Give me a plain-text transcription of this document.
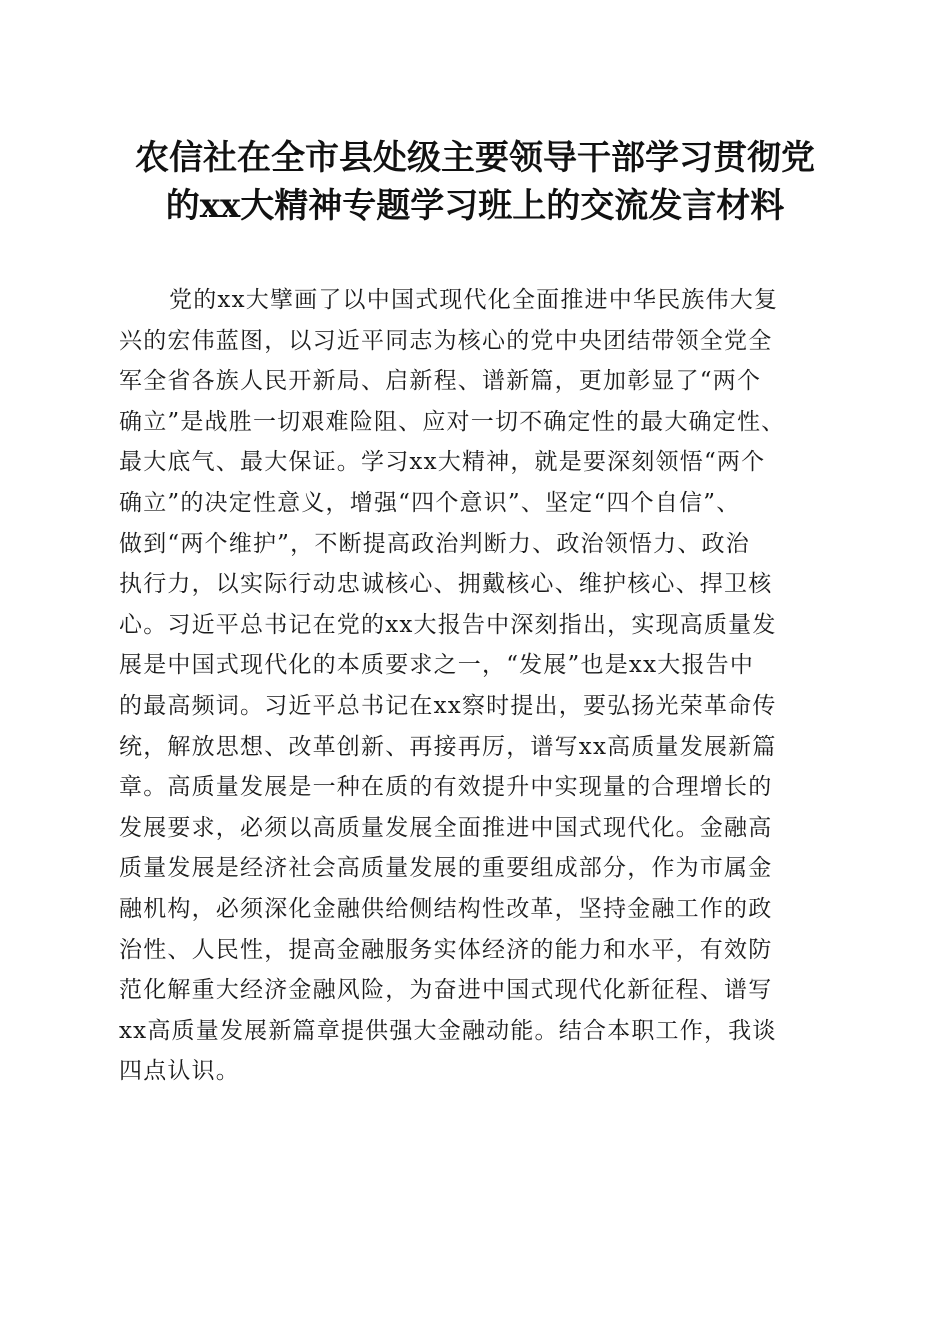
农信社在全市县处级主要领导干部学习贯彻党
的xx大精神专题学习班上的交流发言材料
党的xx大擘画了以中国式现代化全面推进中华民族伟大复
兴的宏伟蓝图，以习近平同志为核心的党中央团结带领全党全
军全省各族人民开新局、启新程、谱新篇，更加彰显了“两个
确立”是战胜一切艰难险阻、应对一切不确定性的最大确定性、
最大底气、最大保证。学习xx大精神，就是要深刻领悟“两个
确立”的决定性意义，增强“四个意识”、坚定“四个自信”、
做到“两个维护”，不断提高政治判断力、政治领悟力、政治
执行力，以实际行动忠诚核心、拥戴核心、维护核心、捍卫核
心。习近平总书记在党的xx大报告中深刻指出，实现高质量发
展是中国式现代化的本质要求之一，“发展”也是xx大报告中
的最高频词。习近平总书记在xx察时提出，要弘扬光荣革命传
统，解放思想、改革创新、再接再厉，谱写xx高质量发展新篇
章。高质量发展是一种在质的有效提升中实现量的合理增长的
发展要求，必须以高质量发展全面推进中国式现代化。金融高
质量发展是经济社会高质量发展的重要组成部分，作为市属金
融机构，必须深化金融供给侧结构性改革，坚持金融工作的政
治性、人民性，提高金融服务实体经济的能力和水平，有效防
范化解重大经济金融风险，为奋进中国式现代化新征程、谱写
xx高质量发展新篇章提供强大金融动能。结合本职工作，我谈
四点认识。
